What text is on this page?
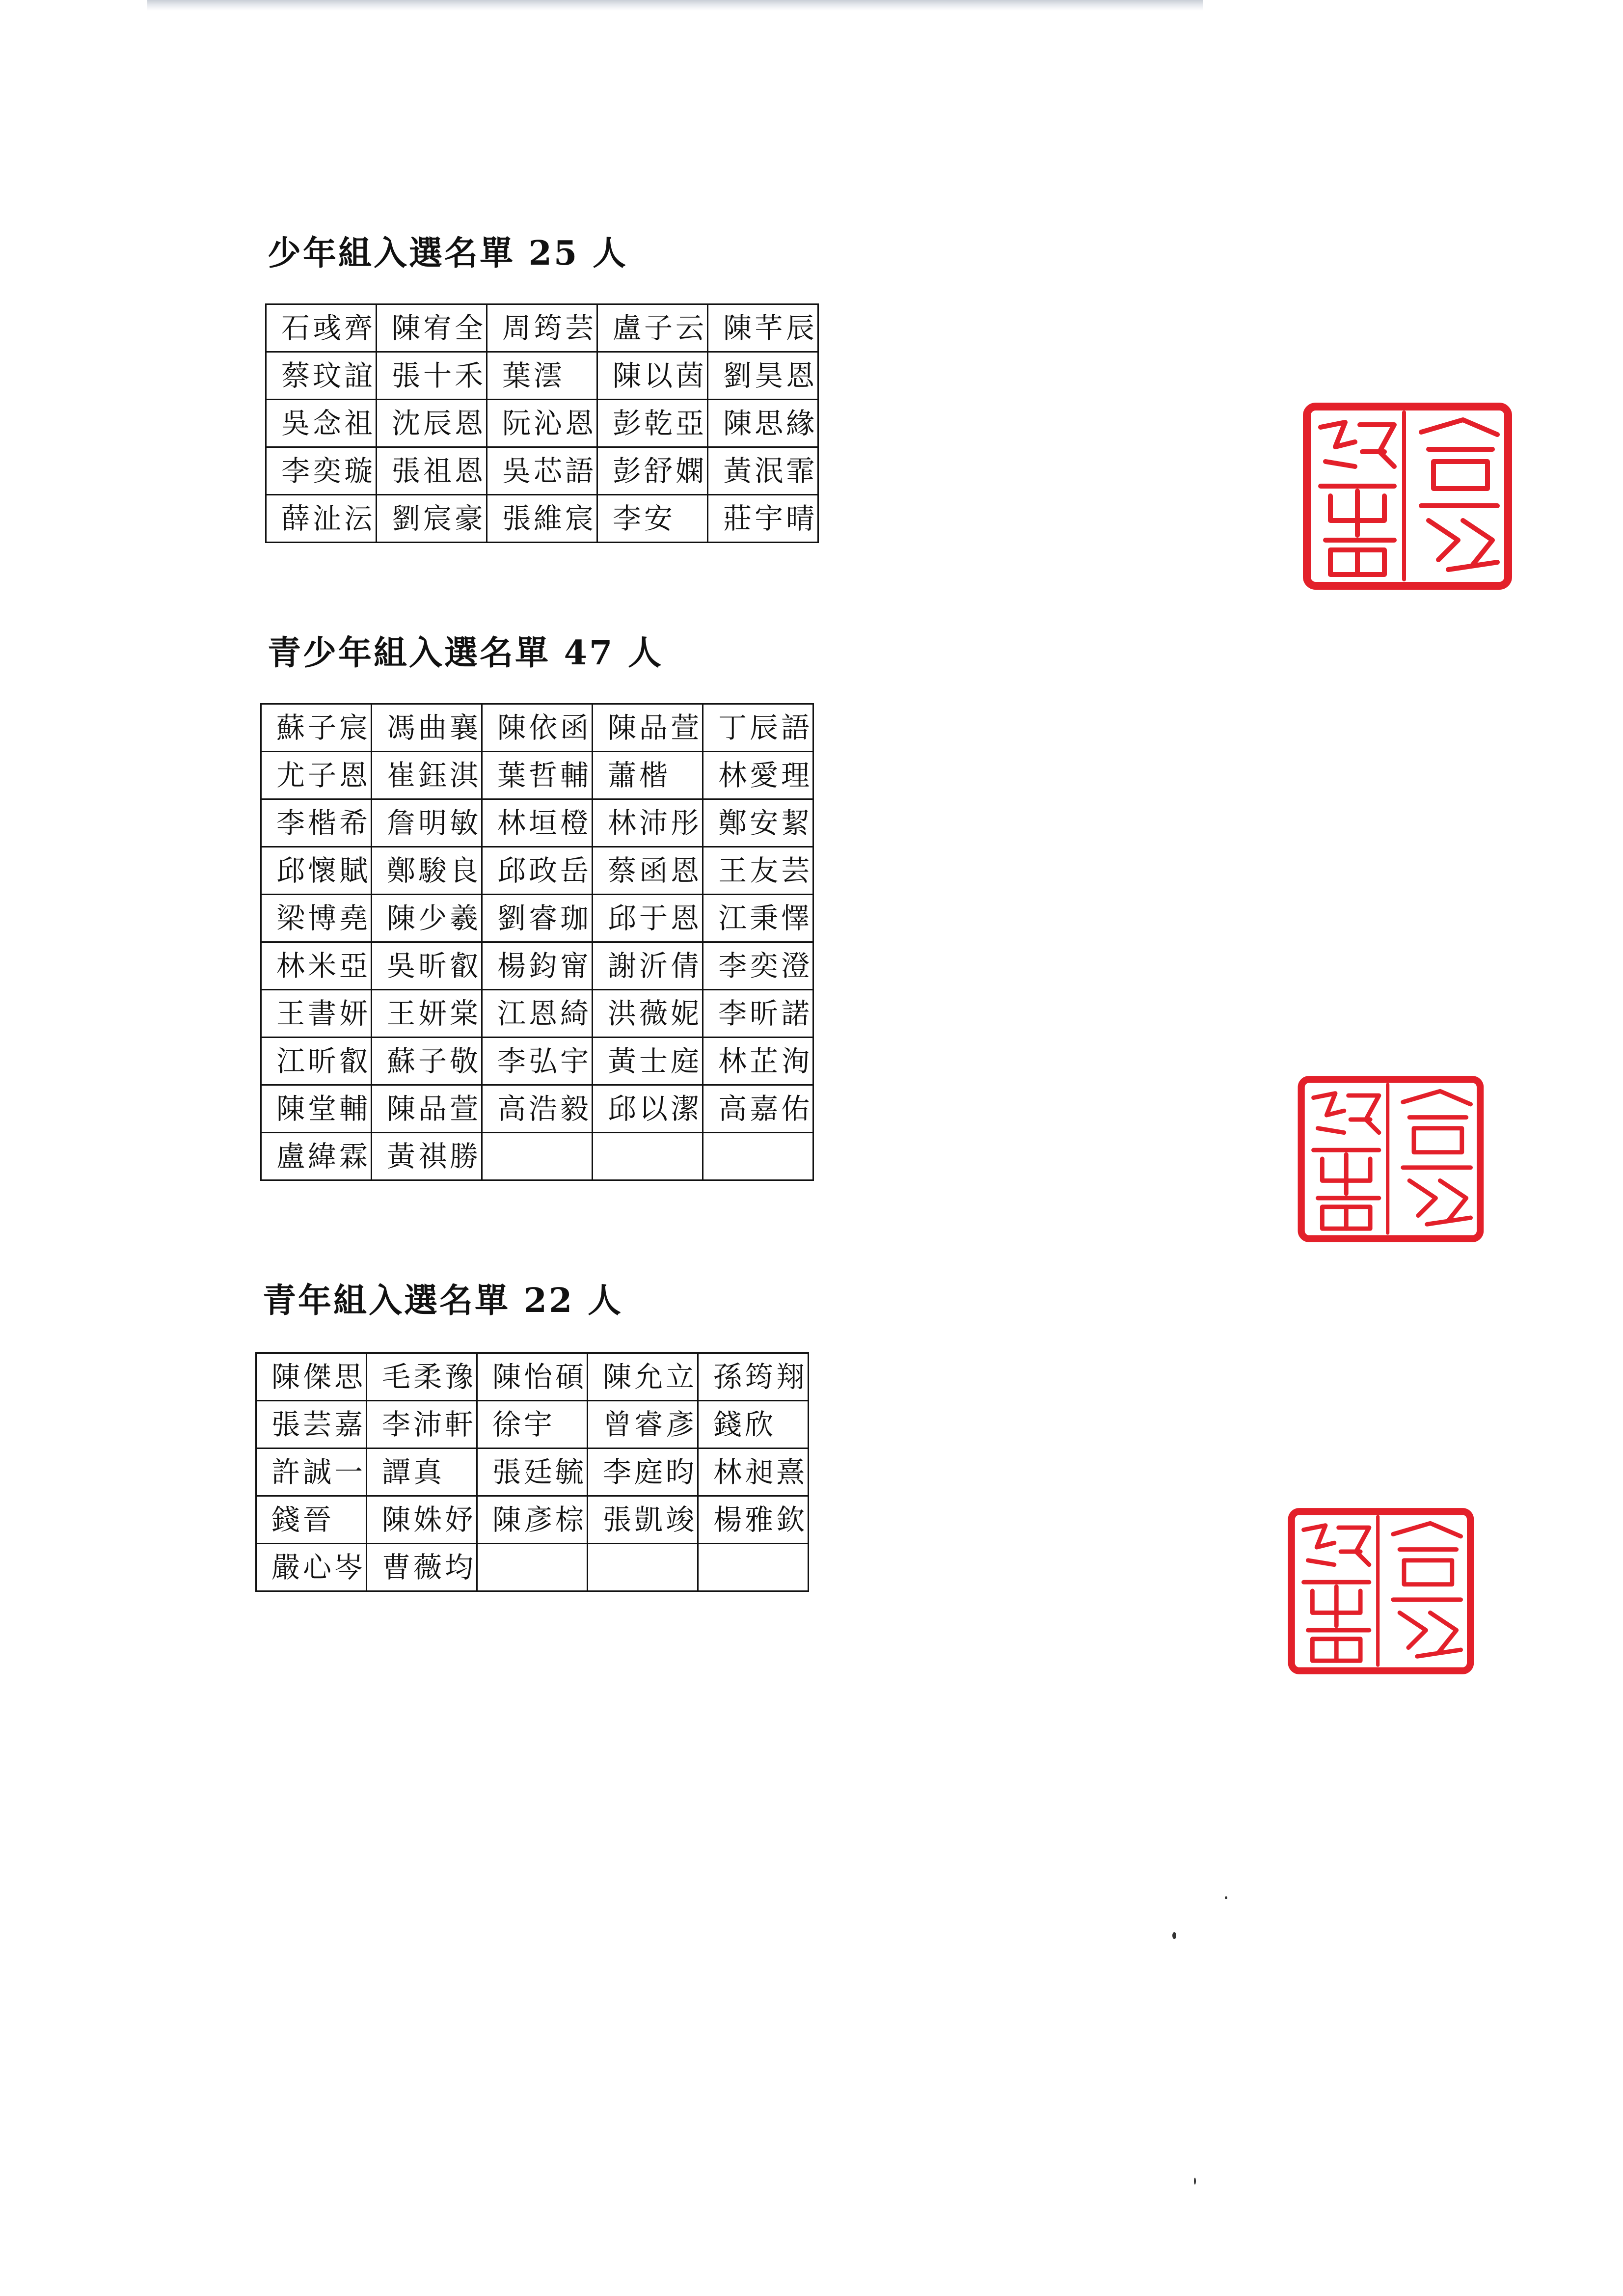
少年組入選名單 25 人
石彧齊	陳宥全	周筠芸	盧子云	陳芊辰
蔡玟誼	張十禾	葉澐	陳以茵	劉昊恩
吳念祖	沈辰恩	阮沁恩	彭乾亞	陳思緣
李奕璇	張祖恩	吳芯語	彭舒嫻	黃泯霏
薛沚沄	劉宸豪	張維宸	李安	莊宇晴
青少年組入選名單 47 人
蘇子宸	馮曲襄	陳依函	陳品萱	丁辰語
尤子恩	崔鈺淇	葉哲輔	蕭楷	林愛理
李楷希	詹明敏	林垣橙	林沛彤	鄭安絜
邱懷賦	鄭駿良	邱政岳	蔡函恩	王友芸
梁博堯	陳少羲	劉睿珈	邱于恩	江秉懌
林米亞	吳昕叡	楊鈞甯	謝沂倩	李奕澄
王書妍	王妍棠	江恩綺	洪薇妮	李昕諾
江昕叡	蘇子敬	李弘宇	黃士庭	林芷洵
陳堂輔	陳品萱	高浩毅	邱以潔	高嘉佑
盧緯霖	黃祺勝			
青年組入選名單 22 人
陳傑思	毛柔豫	陳怡碩	陳允立	孫筠翔
張芸嘉	李沛軒	徐宇	曾睿彥	錢欣
許誠一	譚真	張廷毓	李庭昀	林昶熹
錢晉	陳姝妤	陳彥棕	張凱竣	楊雅欽
嚴心岑	曹薇均			
